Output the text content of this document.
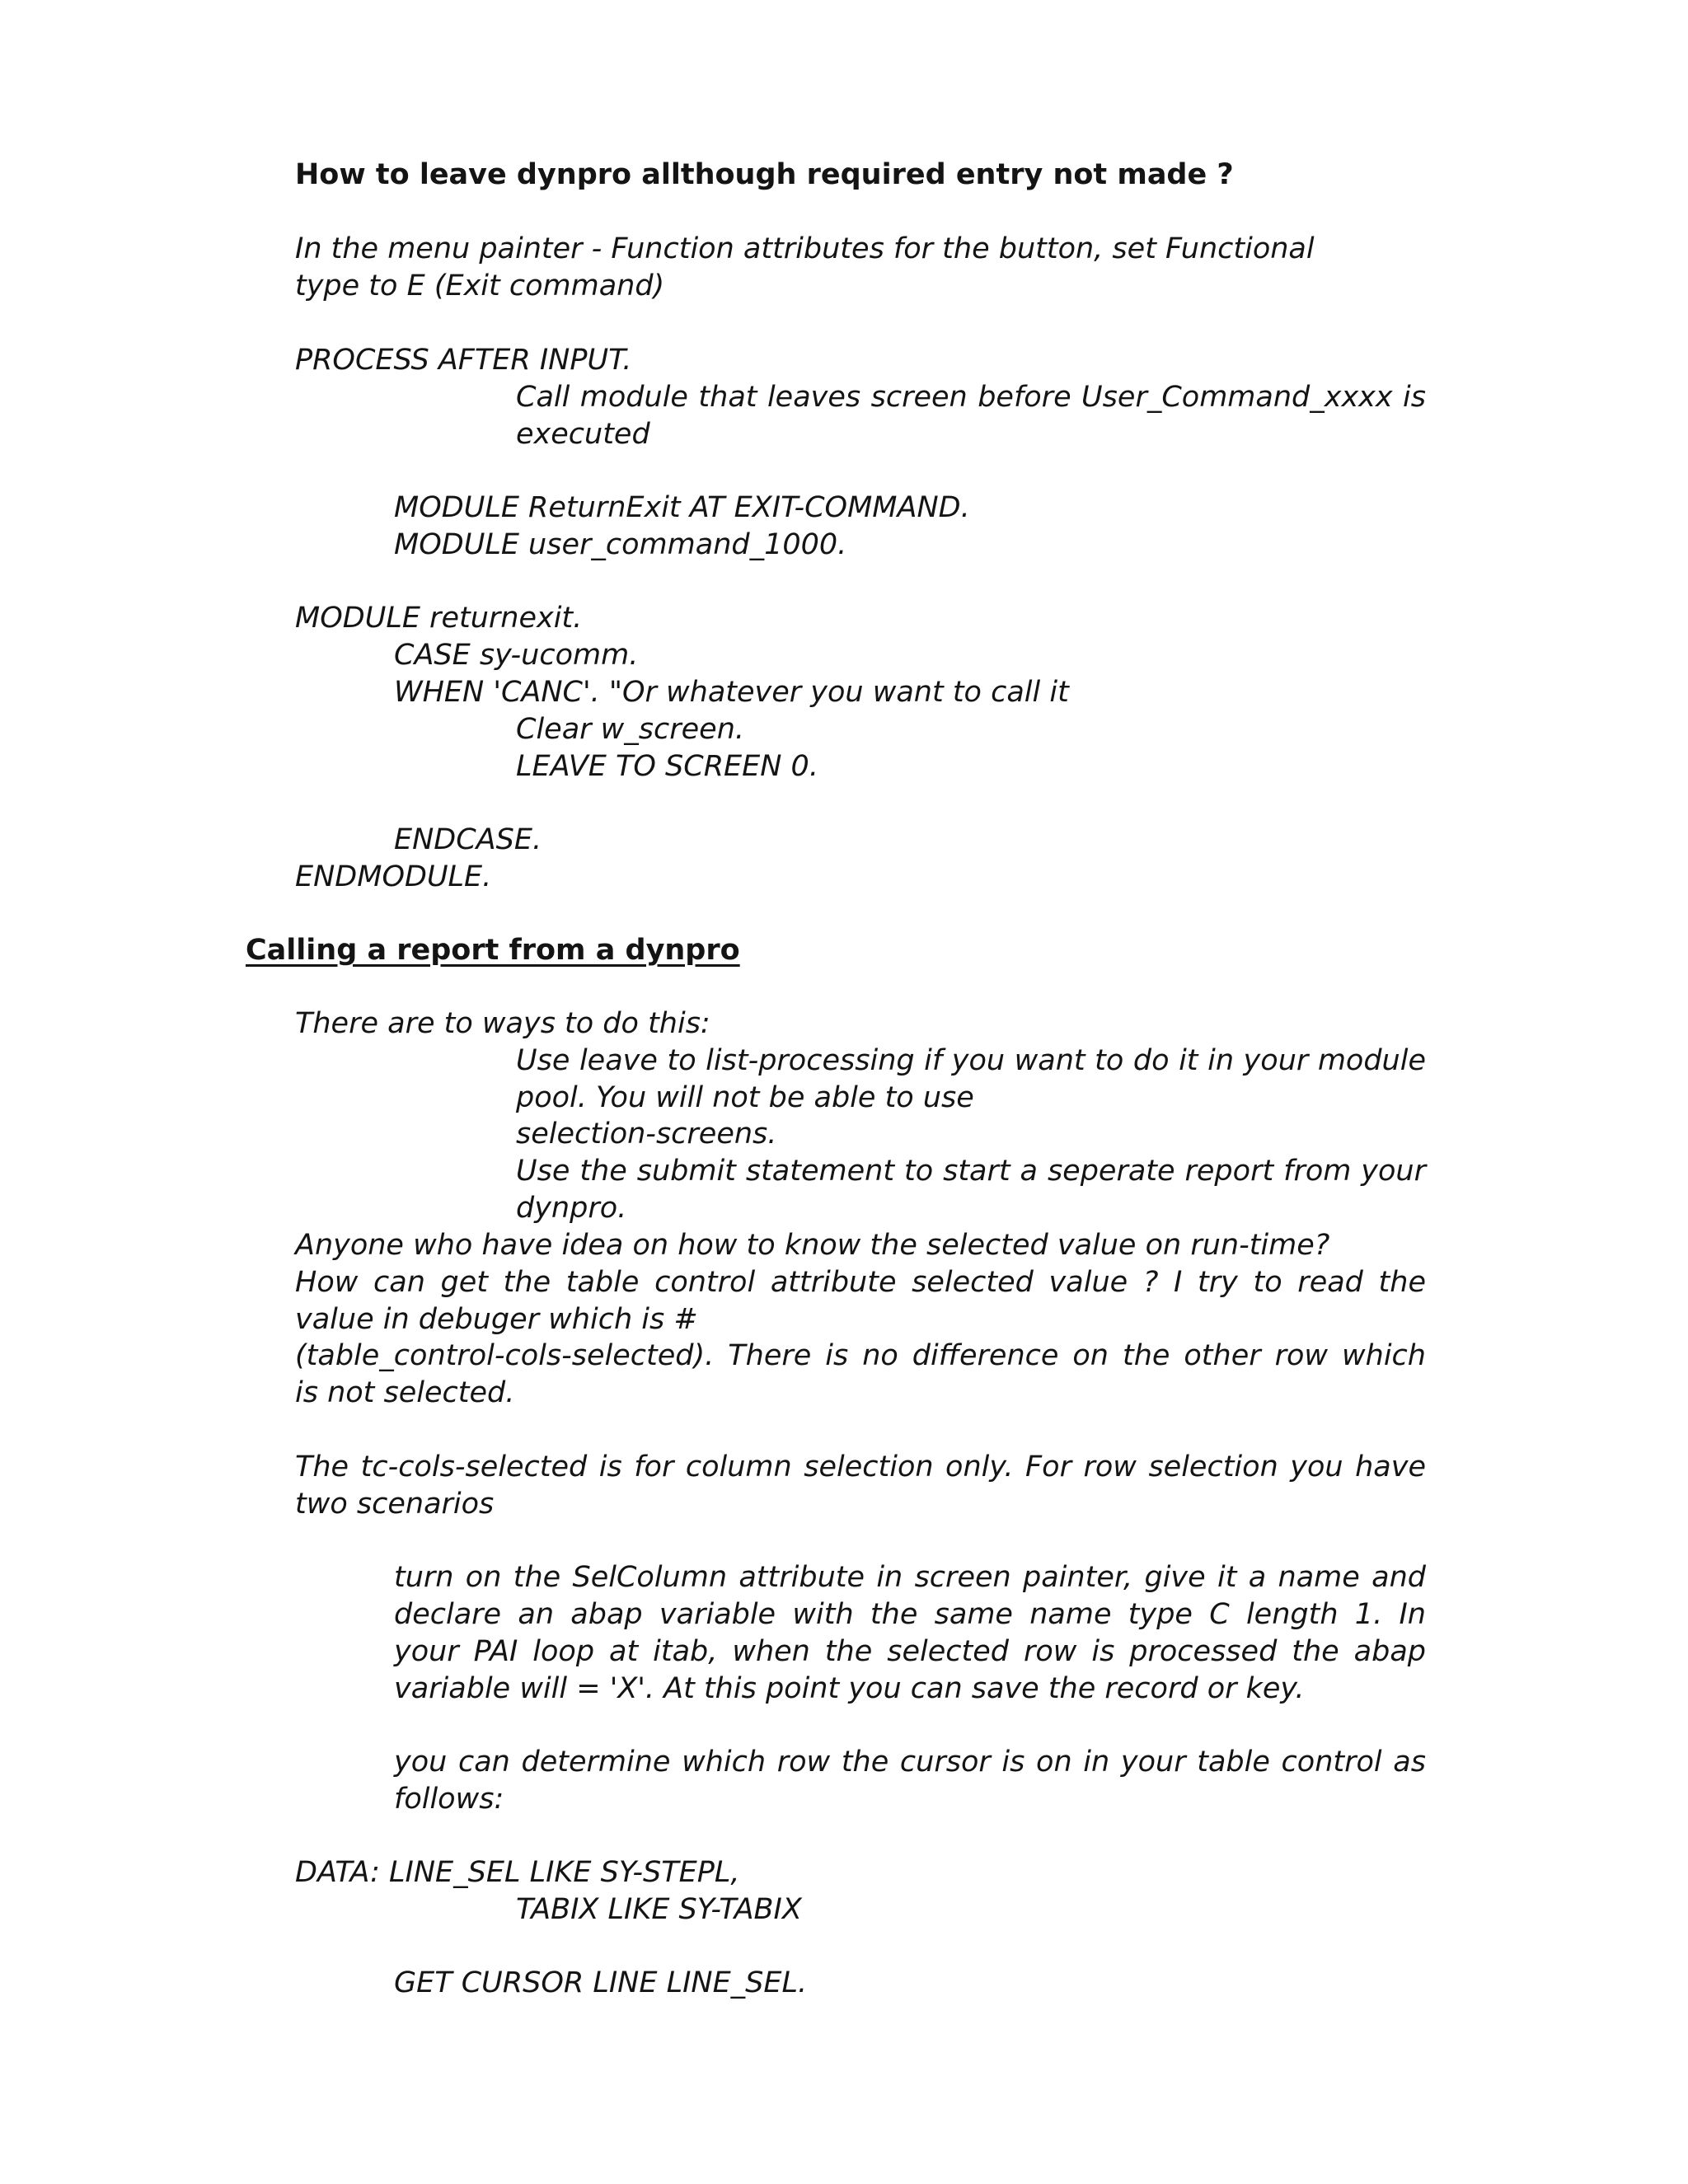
How to leave dynpro allthough required entry not made ?
In the menu painter - Function attributes for the button, set Functional
type to E (Exit command)
PROCESS AFTER INPUT.
Call module that leaves screen before User_Command_xxxx is
executed
MODULE ReturnExit AT EXIT-COMMAND.
MODULE user_command_1000.
MODULE returnexit.
CASE sy-ucomm.
WHEN 'CANC'. "Or whatever you want to call it
Clear w_screen.
LEAVE TO SCREEN 0.
ENDCASE.
ENDMODULE.
Calling a report from a dynpro
There are to ways to do this:
Use leave to list-processing if you want to do it in your module
pool. You will not be able to use
selection-screens.
Use the submit statement to start a seperate report from your
dynpro.
Anyone who have idea on how to know the selected value on run-time?
How can get the table control attribute selected value ? I try to read the
value in debuger which is #
(table_control-cols-selected). There is no difference on the other row which
is not selected.
The tc-cols-selected is for column selection only. For row selection you have
two scenarios
turn on the SelColumn attribute in screen painter, give it a name and
declare an abap variable with the same name type C length 1. In
your PAI loop at itab, when the selected row is processed the abap
variable will = 'X'. At this point you can save the record or key.
you can determine which row the cursor is on in your table control as
follows:
DATA: LINE_SEL LIKE SY-STEPL,
TABIX LIKE SY-TABIX
GET CURSOR LINE LINE_SEL.
